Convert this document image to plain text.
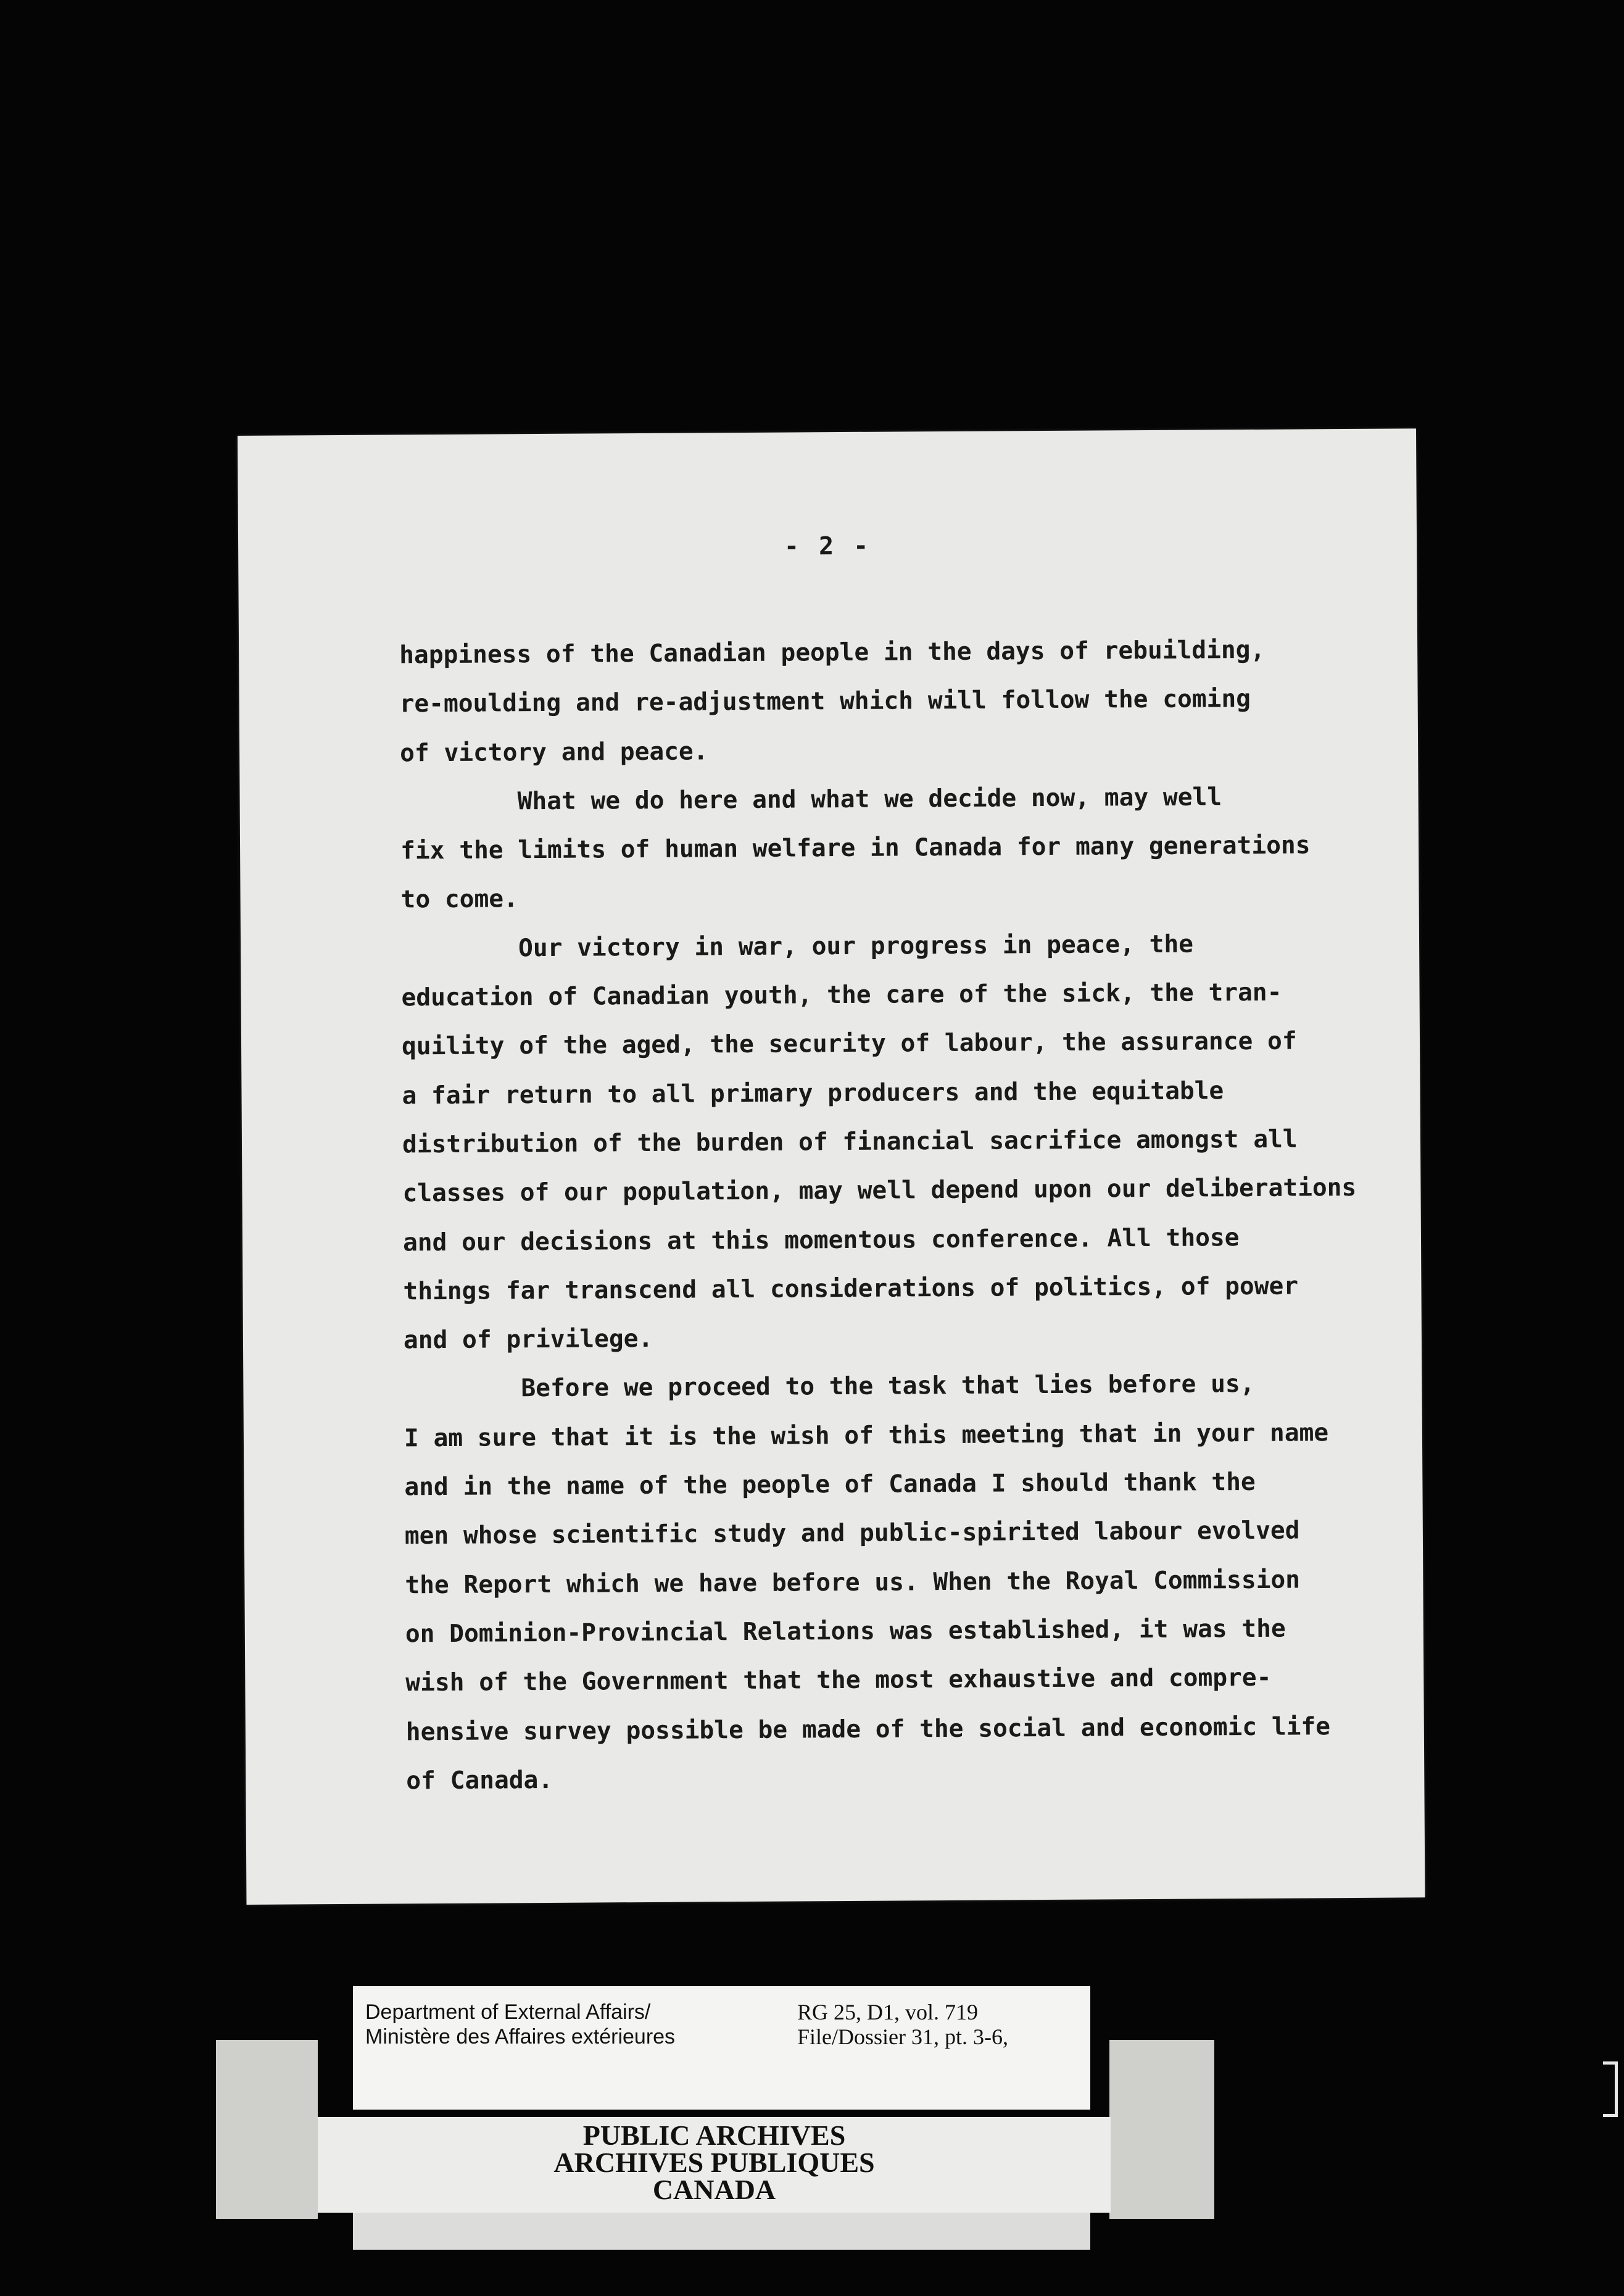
- 2 -
happiness of the Canadian people in the days of rebuilding,
re-moulding and re-adjustment which will follow the coming
of victory and peace.
What we do here and what we decide now, may well
fix the limits of human welfare in Canada for many generations
to come.
Our victory in war, our progress in peace, the
education of Canadian youth, the care of the sick, the tran-
quility of the aged, the security of labour, the assurance of
a fair return to all primary producers and the equitable
distribution of the burden of financial sacrifice amongst all
classes of our population, may well depend upon our deliberations
and our decisions at this momentous conference. All those
things far transcend all considerations of politics, of power
and of privilege.
Before we proceed to the task that lies before us,
I am sure that it is the wish of this meeting that in your name
and in the name of the people of Canada I should thank the
men whose scientific study and public-spirited labour evolved
the Report which we have before us. When the Royal Commission
on Dominion-Provincial Relations was established, it was the
wish of the Government that the most exhaustive and compre-
hensive survey possible be made of the social and economic life
of Canada.
Department of External Affairs/
Ministère des Affaires extérieures
RG 25, D1, vol. 719
File/Dossier 31, pt. 3-6,
PUBLIC ARCHIVES
ARCHIVES PUBLIQUES
CANADA
